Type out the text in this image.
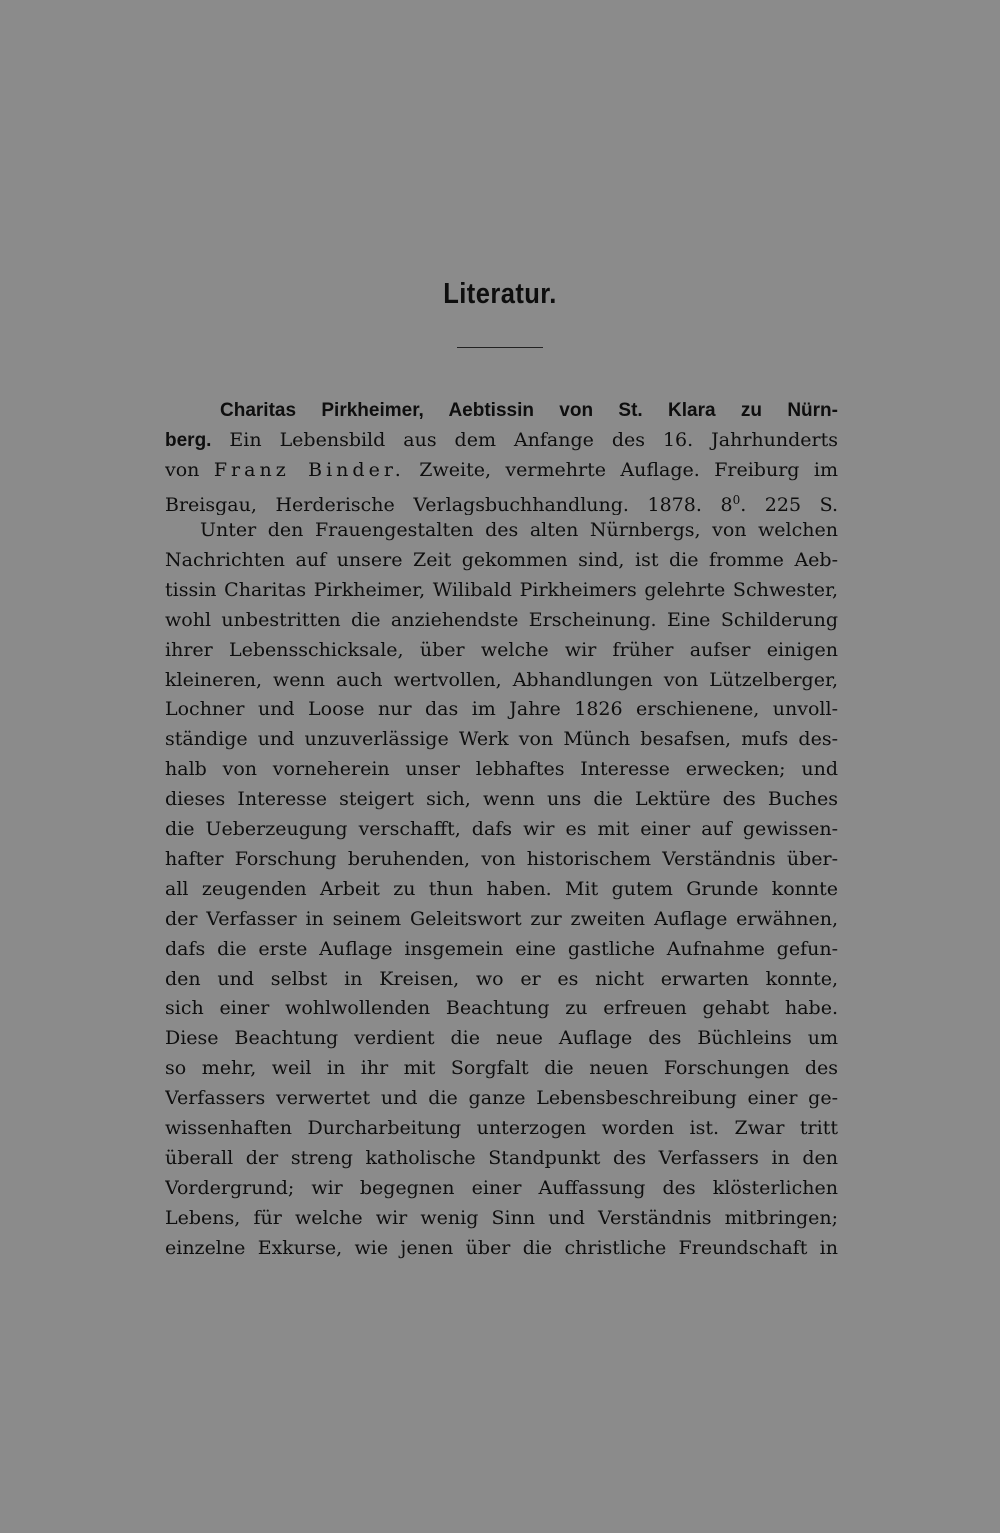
Literatur.
Charitas Pirkheimer, Aebtissin von St. Klara zu Nürn-
berg. Ein Lebensbild aus dem Anfange des 16. Jahrhunderts
von Franz Binder. Zweite, vermehrte Auflage. Freiburg im
Breisgau, Herderische Verlagsbuchhandlung. 1878. $8^0$. 225 S.
Unter den Frauengestalten des alten Nürnbergs, von welchen
Nachrichten auf unsere Zeit gekommen sind, ist die fromme Aeb-
tissin Charitas Pirkheimer, Wilibald Pirkheimers gelehrte Schwester,
wohl unbestritten die anziehendste Erscheinung. Eine Schilderung
ihrer Lebensschicksale, über welche wir früher aufser einigen
kleineren, wenn auch wertvollen, Abhandlungen von Lützelberger,
Lochner und Loose nur das im Jahre 1826 erschienene, unvoll-
ständige und unzuverlässige Werk von Münch besafsen, mufs des-
halb von vorneherein unser lebhaftes Interesse erwecken; und
dieses Interesse steigert sich, wenn uns die Lektüre des Buches
die Ueberzeugung verschafft, dafs wir es mit einer auf gewissen-
hafter Forschung beruhenden, von historischem Verständnis über-
all zeugenden Arbeit zu thun haben. Mit gutem Grunde konnte
der Verfasser in seinem Geleitswort zur zweiten Auflage erwähnen,
dafs die erste Auflage insgemein eine gastliche Aufnahme gefun-
den und selbst in Kreisen, wo er es nicht erwarten konnte,
sich einer wohlwollenden Beachtung zu erfreuen gehabt habe.
Diese Beachtung verdient die neue Auflage des Büchleins um
so mehr, weil in ihr mit Sorgfalt die neuen Forschungen des
Verfassers verwertet und die ganze Lebensbeschreibung einer ge-
wissenhaften Durcharbeitung unterzogen worden ist. Zwar tritt
überall der streng katholische Standpunkt des Verfassers in den
Vordergrund; wir begegnen einer Auffassung des klösterlichen
Lebens, für welche wir wenig Sinn und Verständnis mitbringen;
einzelne Exkurse, wie jenen über die christliche Freundschaft in
